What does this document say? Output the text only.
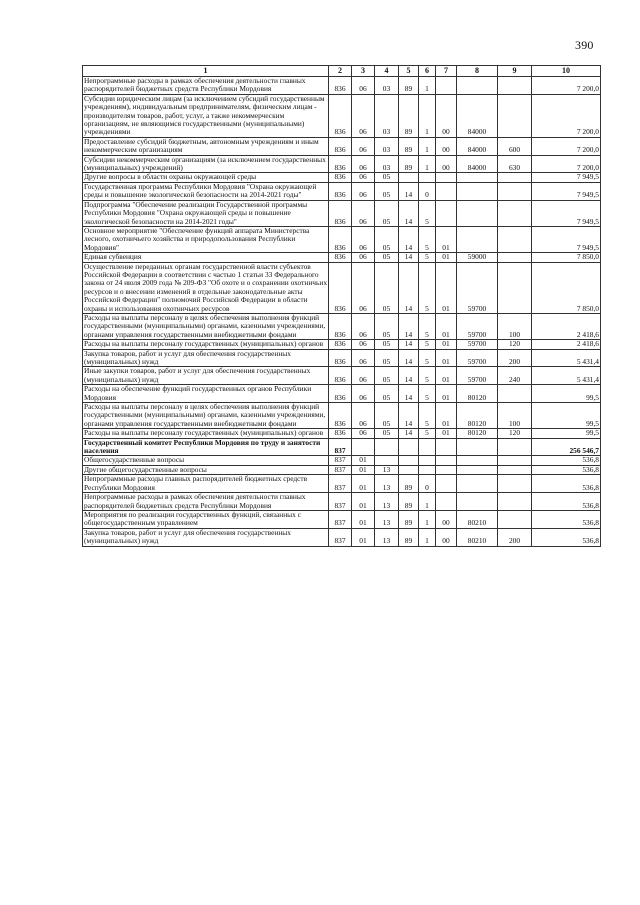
390
1	2	3	4	5	6	7	8	9	10
Непрограммные расходы в рамках обеспечения деятельности главных распорядителей бюджетных средств Республики Мордовия	836	06	03	89	1				7 200,0
Субсидии юридическим лицам (за исключением субсидий государственным учреждениям), индивидуальным предпринимателям, физическим лицам - производителям товаров, работ, услуг, а также некоммерческим организациям, не являющимся государственными (муниципальными) учреждениями	836	06	03	89	1	00	84000		7 200,0
Предоставление субсидий бюджетным, автономным учреждениям и иным некоммерческим организациям	836	06	03	89	1	00	84000	600	7 200,0
Субсидии некоммерческим организациям (за исключением государственных (муниципальных) учреждений)	836	06	03	89	1	00	84000	630	7 200,0
Другие вопросы в области охраны окружающей среды	836	06	05						7 949,5
Государственная программа Республики Мордовия "Охрана окружающей среды и повышение экологической безопасности на 2014-2021 годы"	836	06	05	14	0				7 949,5
Подпрограмма "Обеспечение реализации Государственной программы Республики Мордовия "Охрана окружающей среды и повышение экологической безопасности на 2014-2021 годы"	836	06	05	14	5				7 949,5
Основное мероприятие "Обеспечение функций аппарата Министерства лесного, охотничьего хозяйства и природопользования Республики Мордовия"	836	06	05	14	5	01			7 949,5
Единая субвенция	836	06	05	14	5	01	59000		7 850,0
Осуществление переданных органам государственной власти субъектов Российской Федерации в соответствии с частью 1 статьи 33 Федерального закона от 24 июля 2009 года № 209-ФЗ "Об охоте и о сохранении охотничьих ресурсов и о внесении изменений в отдельные законодательные акты Российской Федерации" полномочий Российской Федерации в области охраны и использования охотничьих ресурсов	836	06	05	14	5	01	59700		7 850,0
Расходы на выплаты персоналу в целях обеспечения выполнения функций государственными (муниципальными) органами, казенными учреждениями, органами управления государственными внебюджетными фондами	836	06	05	14	5	01	59700	100	2 418,6
Расходы на выплаты персоналу государственных (муниципальных) органов	836	06	05	14	5	01	59700	120	2 418,6
Закупка товаров, работ и услуг для обеспечения государственных (муниципальных) нужд	836	06	05	14	5	01	59700	200	5 431,4
Иные закупки товаров, работ и услуг для обеспечения государственных (муниципальных) нужд	836	06	05	14	5	01	59700	240	5 431,4
Расходы на обеспечение функций государственных органов Республики Мордовия	836	06	05	14	5	01	80120		99,5
Расходы на выплаты персоналу в целях обеспечения выполнения функций государственными (муниципальными) органами, казенными учреждениями, органами управления государственными внебюджетными фондами	836	06	05	14	5	01	80120	100	99,5
Расходы на выплаты персоналу государственных (муниципальных) органов	836	06	05	14	5	01	80120	120	99,5
Государственный комитет Республики Мордовия по труду и занятости населения	837								256 546,7
Общегосударственные вопросы	837	01							536,8
Другие общегосударственные вопросы	837	01	13						536,8
Непрограммные расходы главных распорядителей бюджетных средств Республики Мордовия	837	01	13	89	0				536,8
Непрограммные расходы в рамках обеспечения деятельности главных распорядителей бюджетных средств Республики Мордовия	837	01	13	89	1				536,8
Мероприятия по реализации государственных функций, связанных с общегосударственным управлением	837	01	13	89	1	00	80210		536,8
Закупка товаров, работ и услуг для обеспечения государственных (муниципальных) нужд	837	01	13	89	1	00	80210	200	536,8
